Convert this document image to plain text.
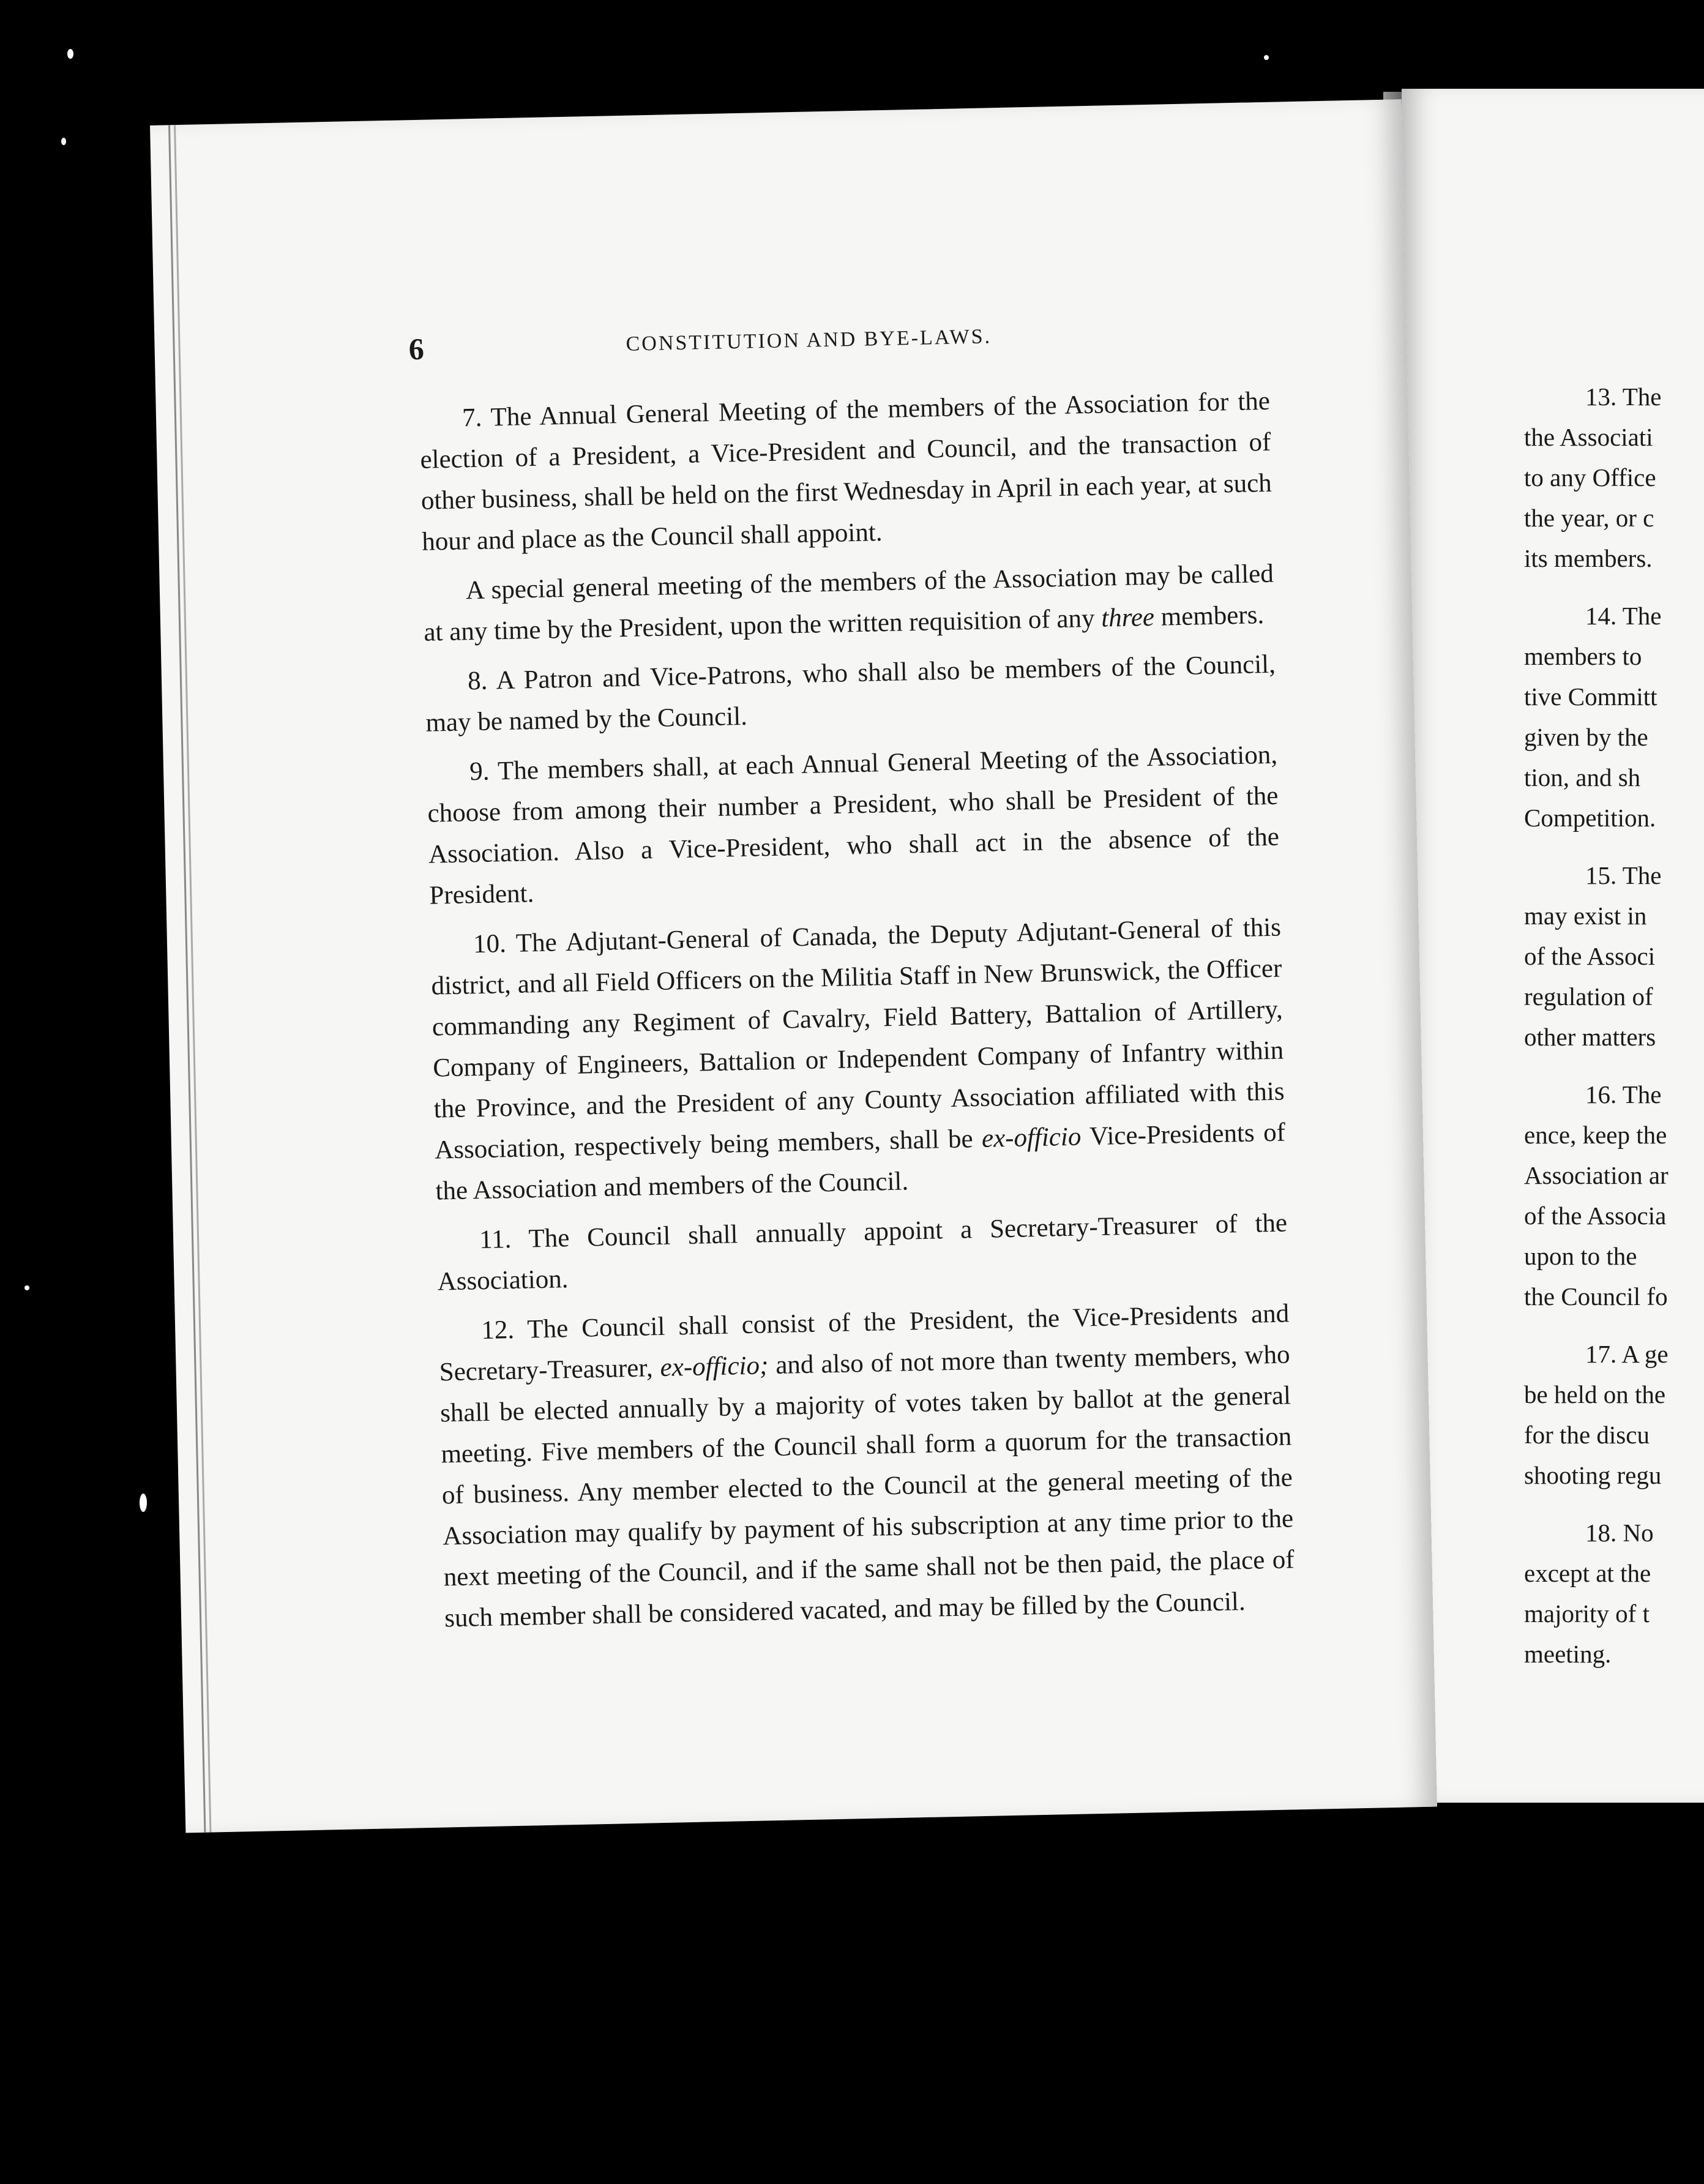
13. The
the Associati
to any Office
the year, or c
its members.
14. The
members to
tive Committ
given by the
tion, and sh
Competition.
15. The
may exist in
of the Associ
regulation of
other matters
16. The
ence, keep the
Association ar
of the Associa
upon to the
the Council fo
17. A ge
be held on the
for the discu
shooting regu
18. No
except at the
majority of t
meeting.
6	CONSTITUTION AND BYE-LAWS.

7. The Annual General Meeting of the members of the Association for the election of a President, a Vice-President and Council, and the transaction of other business, shall be held on the first Wednesday in April in each year, at such hour and place as the Council shall appoint.

A special general meeting of the members of the Association may be called at any time by the President, upon the written requisition of any three members.

8. A Patron and Vice-Patrons, who shall also be members of the Council, may be named by the Council.

9. The members shall, at each Annual General Meeting of the Association, choose from among their number a President, who shall be President of the Association. Also a Vice-President, who shall act in the absence of the President.

10. The Adjutant-General of Canada, the Deputy Adjutant-General of this district, and all Field Officers on the Militia Staff in New Brunswick, the Officer commanding any Regiment of Cavalry, Field Battery, Battalion of Artillery, Company of Engineers, Battalion or Independent Company of Infantry within the Province, and the President of any County Association affiliated with this Association, respectively being members, shall be ex-officio Vice-Presidents of the Association and members of the Council.

11. The Council shall annually appoint a Secretary-Treasurer of the Association.

12. The Council shall consist of the President, the Vice-Presidents and Secretary-Treasurer, ex-officio; and also of not more than twenty members, who shall be elected annually by a majority of votes taken by ballot at the general meeting. Five members of the Council shall form a quorum for the transaction of business. Any member elected to the Council at the general meeting of the Association may qualify by payment of his subscription at any time prior to the next meeting of the Council, and if the same shall not be then paid, the place of such member shall be considered vacated, and may be filled by the Council.
